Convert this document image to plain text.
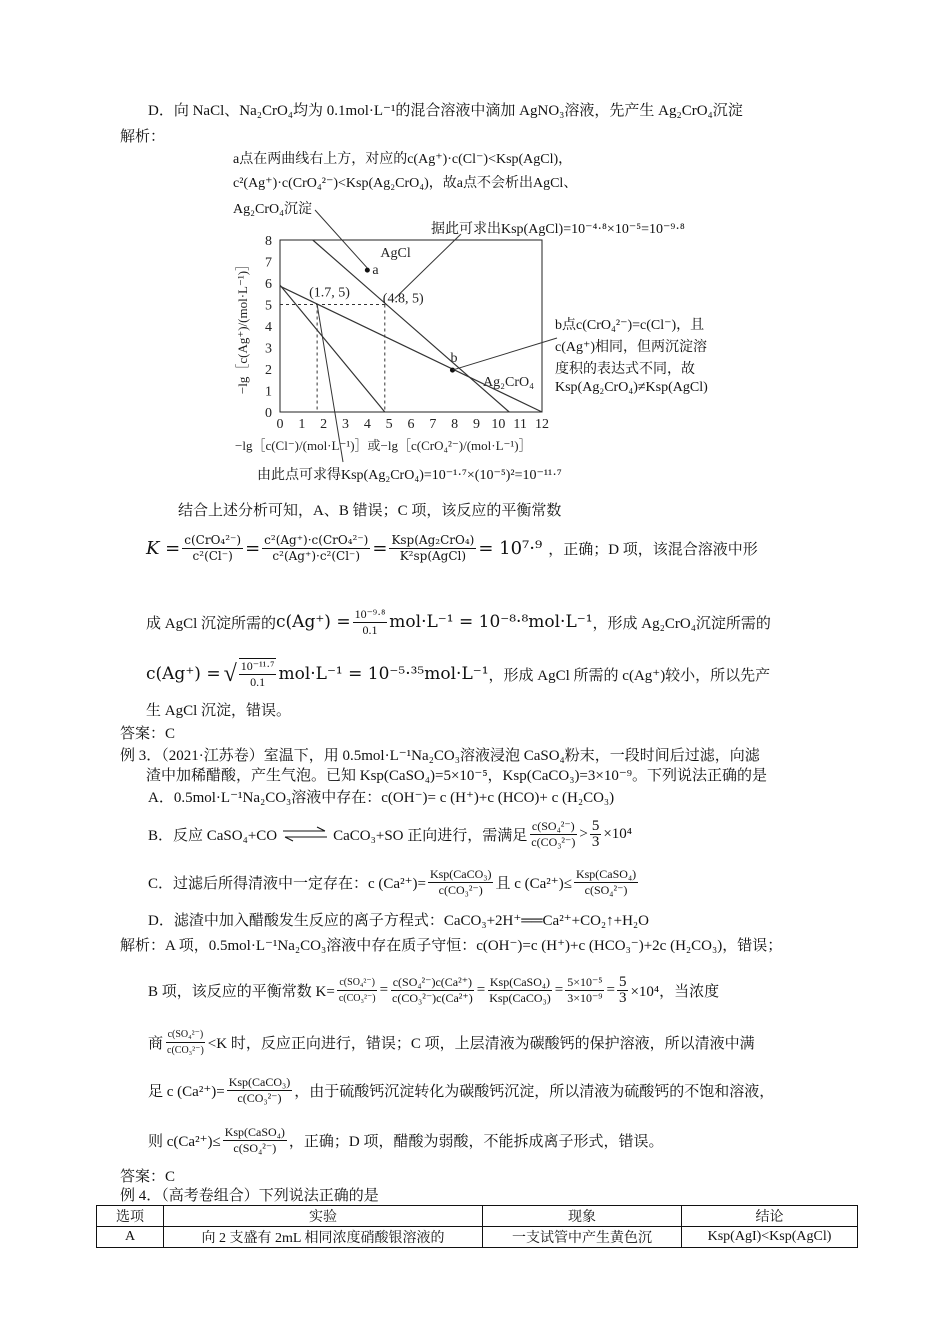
D．向 NaCl、Na₂CrO₄均为 0.1mol·L⁻¹的混合溶液中滴加 AgNO₃溶液，先产生 Ag₂CrO₄沉淀
解析：
a点在两曲线右上方，对应的c(Ag⁺)·c(Cl⁻)<Ksp(AgCl)，
c²(Ag⁺)·c(CrO₄²⁻)<Ksp(Ag₂CrO₄)，故a点不会析出AgCl、
Ag₂CrO₄沉淀
据此可求出Ksp(AgCl)=10⁻⁴·⁸×10⁻⁵=10⁻⁹·⁸
b点c(CrO₄²⁻)=c(Cl⁻)，且
c(Ag⁺)相同，但两沉淀溶
度积的表达式不同，故
Ksp(Ag₂CrO₄)≠Ksp(AgCl)
由此点可求得Ksp(Ag₂CrO₄)=10⁻¹·⁷×(10⁻⁵)²=10⁻¹¹·⁷
0 1 2 3 4 5 6 7 8 9 10 11 12
0
1
2
3
4
5
6
7
8
−lg［c(Ag⁺)/(mol·L⁻¹)］
−lg［c(Cl⁻)/(mol·L⁻¹)］或−lg［c(CrO₄²⁻)/(mol·L⁻¹)］
a
b
(1.7, 5) (4.8, 5)
AgCl
Ag₂CrO₄
结合上述分析可知，A、B 错误；C 项，该反应的平衡常数
$K = \frac{\text{c(CrO₄²⁻)}}{\text{c²(Cl⁻)}} = \frac{\text{c²(Ag⁺)·c(CrO₄²⁻)}}{\text{c²(Ag⁺)·c²(Cl⁻)}} = \frac{\text{Ksp(Ag₂CrO₄)}}{\text{K²sp(AgCl)}} = 10^7\cdot^9$ ，正确；D 项，该混合溶液中形
成 AgCl 沉淀所需的 $c(Ag^+) = \frac{\text{10⁻⁹·⁸}}{0.1} mol\cdot L^{-1} = 10^{-8}\cdot^8mol\cdot L^{-1}$ ，形成 Ag₂CrO₄沉淀所需的
c(Ag⁺) = √ $\frac{\text{10⁻¹¹·⁷}}{0.1} mol\cdot L^{-1} = 10^{-5}\cdot^{35}mol\cdot L^{-1}$ ，形成 AgCl 所需的 c(Ag⁺)较小，所以先产
生 AgCl 沉淀，错误。
答案：C
例 3．（2021·江苏卷）室温下，用 0.5mol·L⁻¹Na₂CO₃溶液浸泡 CaSO₄粉末，一段时间后过滤，向滤
渣中加稀醋酸，产生气泡。已知 Ksp(CaSO₄)=5×10⁻⁵，Ksp(CaCO₃)=3×10⁻⁹。下列说法正确的是
A．0.5mol·L⁻¹Na₂CO₃溶液中存在：c(OH⁻)= c (H⁺)+c (HCO)+ c (H₂CO₃)
B．反应 CaSO₄+CO ⇌ CaCO₃+SO 正向进行，需满足 $\frac{\text{c(SO₄²⁻)}}{\text{c(CO₃²⁻)}} > \frac{5}{3} \times 10^4$
C．过滤后所得清液中一定存在：c $(Ca^{2+})= \frac{\text{Ksp(CaCO₃)}}{\text{c(CO₃²⁻)}}$ 且 c $(Ca^{2+})\le \frac{\text{Ksp(CaSO₄)}}{\text{c(SO₄²⁻)}}$
D．滤渣中加入醋酸发生反应的离子方程式：CaCO₃+2H⁺══Ca²⁺+CO₂↑+H₂O
解析：A 项，0.5mol·L⁻¹Na₂CO₃溶液中存在质子守恒：c(OH⁻)=c (H⁺)+c (HCO₃⁻)+2c (H₂CO₃)，错误；
B 项，该反应的平衡常数 $K= \frac{\text{c(SO₄²⁻)}}{\text{c(CO₃²⁻)}} = \frac{\text{c(SO₄²⁻)c(Ca²⁺)}}{\text{c(CO₃²⁻)c(Ca²⁺)}} = \frac{\text{Ksp(CaSO₄)}}{\text{Ksp(CaCO₃)}} = \frac{\text{5×10⁻⁵}}{\text{3×10⁻⁹}} = \frac{5}{3} \times 10^4$，当浓度
商 $\frac{\text{c(SO₄²⁻)}}{\text{c(CO₃²⁻)}} <K$ 时，反应正向进行，错误；C 项，上层清液为碳酸钙的保护溶液，所以清液中满
足 c $(Ca^{2+})= \frac{\text{Ksp(CaCO₃)}}{\text{c(CO₃²⁻)}}$ ，由于硫酸钙沉淀转化为碳酸钙沉淀，所以清液为硫酸钙的不饱和溶液，
则 $c(Ca^{2+})\le \frac{\text{Ksp(CaSO₄)}}{\text{c(SO₄²⁻)}}$ ，正确；D 项，醋酸为弱酸，不能拆成离子形式，错误。
答案：C
例 4．（高考卷组合）下列说法正确的是
选项	实验	现象	结论
A	向 2 支盛有 2mL 相同浓度硝酸银溶液的	一支试管中产生黄色沉	Ksp(AgI)<Ksp(AgCl)
